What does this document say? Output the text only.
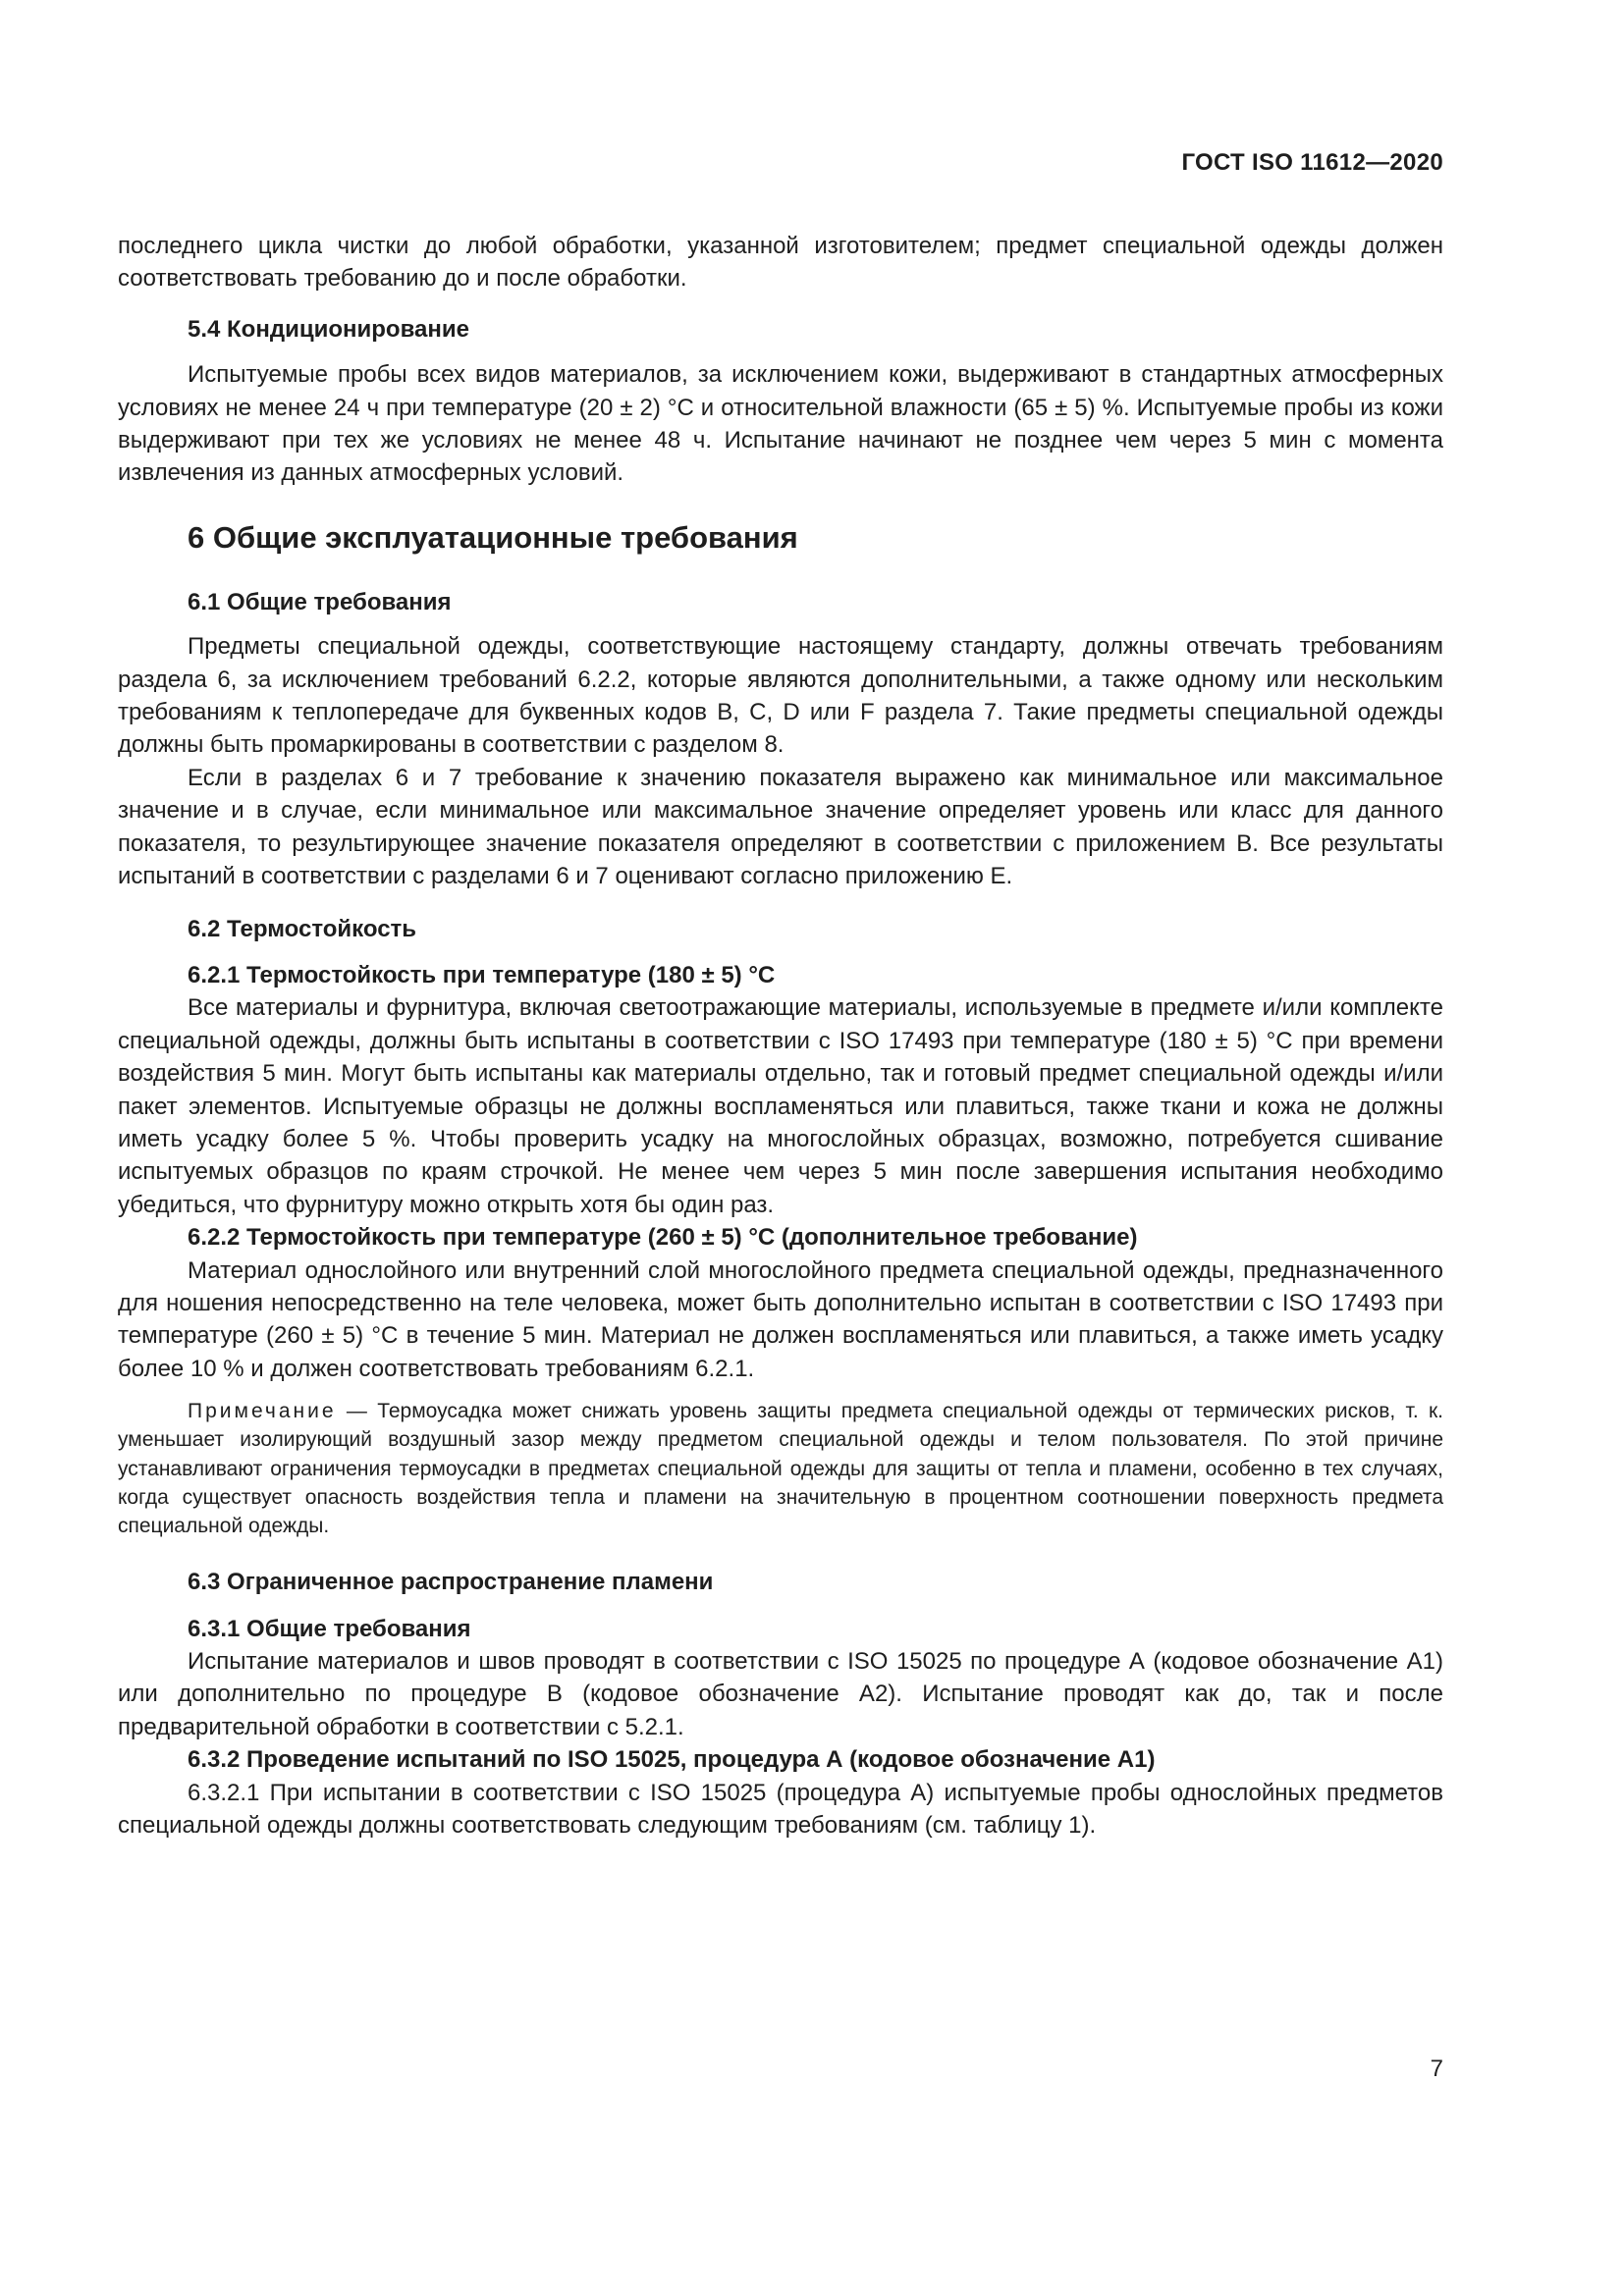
ГОСТ ISO 11612—2020

последнего цикла чистки до любой обработки, указанной изготовителем; предмет специальной одежды должен соответствовать требованию до и после обработки.

5.4 Кондиционирование

Испытуемые пробы всех видов материалов, за исключением кожи, выдерживают в стандартных атмосферных условиях не менее 24 ч при температуре (20 ± 2) °С и относительной влажности (65 ± 5) %. Испытуемые пробы из кожи выдерживают при тех же условиях не менее 48 ч. Испытание начинают не позднее чем через 5 мин с момента извлечения из данных атмосферных условий.

6 Общие эксплуатационные требования
6.1 Общие требования

Предметы специальной одежды, соответствующие настоящему стандарту, должны отвечать требованиям раздела 6, за исключением требований 6.2.2, которые являются дополнительными, а также одному или нескольким требованиям к теплопередаче для буквенных кодов В, С, D или F раздела 7. Такие предметы специальной одежды должны быть промаркированы в соответствии с разделом 8.

Если в разделах 6 и 7 требование к значению показателя выражено как минимальное или максимальное значение и в случае, если минимальное или максимальное значение определяет уровень или класс для данного показателя, то результирующее значение показателя определяют в соответствии с приложением В. Все результаты испытаний в соответствии с разделами 6 и 7 оценивают согласно приложению Е.

6.2 Термостойкость
6.2.1 Термостойкость при температуре (180 ± 5) °С

Все материалы и фурнитура, включая светоотражающие материалы, используемые в предмете и/или комплекте специальной одежды, должны быть испытаны в соответствии с ISO 17493 при температуре (180 ± 5) °С при времени воздействия 5 мин. Могут быть испытаны как материалы отдельно, так и готовый предмет специальной одежды и/или пакет элементов. Испытуемые образцы не должны воспламеняться или плавиться, также ткани и кожа не должны иметь усадку более 5 %. Чтобы проверить усадку на многослойных образцах, возможно, потребуется сшивание испытуемых образцов по краям строчкой. Не менее чем через 5 мин после завершения испытания необходимо убедиться, что фурнитуру можно открыть хотя бы один раз.

6.2.2 Термостойкость при температуре (260 ± 5) °С (дополнительное требование)

Материал однослойного или внутренний слой многослойного предмета специальной одежды, предназначенного для ношения непосредственно на теле человека, может быть дополнительно испытан в соответствии с ISO 17493 при температуре (260 ± 5) °С в течение 5 мин. Материал не должен воспламеняться или плавиться, а также иметь усадку более 10 % и должен соответствовать требованиям 6.2.1.

Примечание — Термоусадка может снижать уровень защиты предмета специальной одежды от термических рисков, т. к. уменьшает изолирующий воздушный зазор между предметом специальной одежды и телом пользователя. По этой причине устанавливают ограничения термоусадки в предметах специальной одежды для защиты от тепла и пламени, особенно в тех случаях, когда существует опасность воздействия тепла и пламени на значительную в процентном соотношении поверхность предмета специальной одежды.

6.3 Ограниченное распространение пламени
6.3.1 Общие требования

Испытание материалов и швов проводят в соответствии с ISO 15025 по процедуре А (кодовое обозначение А1) или дополнительно по процедуре В (кодовое обозначение А2). Испытание проводят как до, так и после предварительной обработки в соответствии с 5.2.1.

6.3.2 Проведение испытаний по ISO 15025, процедура А (кодовое обозначение А1)

6.3.2.1 При испытании в соответствии с ISO 15025 (процедура А) испытуемые пробы однослойных предметов специальной одежды должны соответствовать следующим требованиям (см. таблицу 1).

7
